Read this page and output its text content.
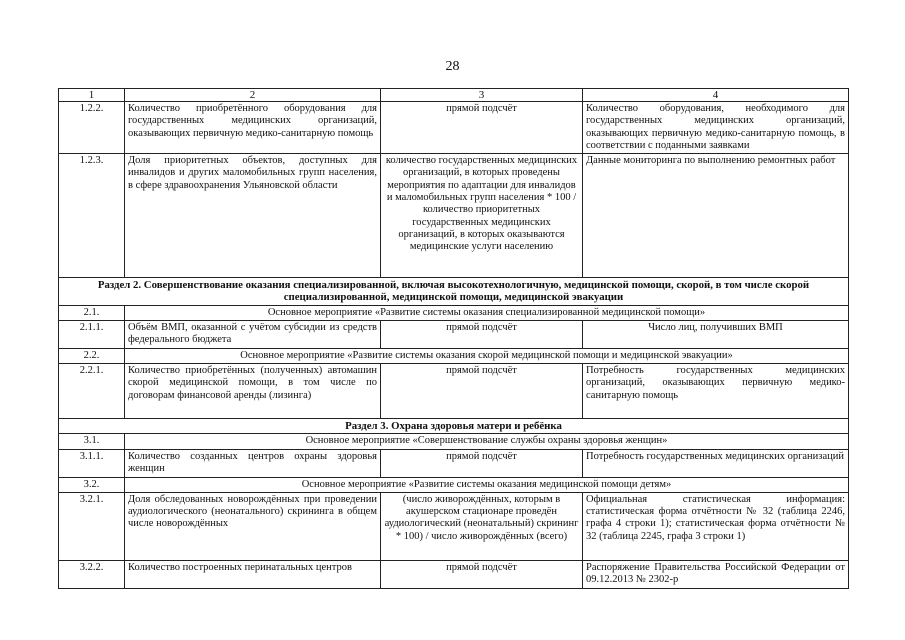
28
1	2	3	4
1.2.2.	Количество приобретённого оборудования для государственных медицинских организаций, оказывающих первичную медико-санитарную помощь	прямой подсчёт	Количество оборудования, необходимого для государственных медицинских организаций, оказывающих первичную медико-санитарную помощь, в соответствии с поданными заявками
1.2.3.	Доля приоритетных объектов, доступных для инвалидов и других маломобильных групп населения, в сфере здравоохранения Ульяновской области	количество государственных медицинских организаций, в которых проведены мероприятия по адаптации для инвалидов и маломобильных групп населения * 100 / количество приоритетных государственных медицинских организаций, в которых оказываются медицинские услуги населению	Данные мониторинга по выполнению ремонтных работ
Раздел 2. Совершенствование оказания специализированной, включая высокотехнологичную, медицинской помощи, скорой, в том числе скорой специализированной, медицинской помощи, медицинской эвакуации			
2.1.	Основное мероприятие «Развитие системы оказания специализированной медицинской помощи»		
2.1.1.	Объём ВМП, оказанной с учётом субсидии из средств федерального бюджета	прямой подсчёт	Число лиц, получивших ВМП
2.2.	Основное мероприятие «Развитие системы оказания скорой медицинской помощи и медицинской эвакуации»		
2.2.1.	Количество приобретённых (полученных) автомашин скорой медицинской помощи, в том числе по договорам финансовой аренды (лизинга)	прямой подсчёт	Потребность государственных медицинских организаций, оказывающих первичную медико-санитарную помощь
Раздел 3. Охрана здоровья матери и ребёнка			
3.1.	Основное мероприятие «Совершенствование службы охраны здоровья женщин»		
3.1.1.	Количество созданных центров охраны здоровья женщин	прямой подсчёт	Потребность государственных медицинских организаций
3.2.	Основное мероприятие «Развитие системы оказания медицинской помощи детям»		
3.2.1.	Доля обследованных новорождённых при проведении аудиологического (неонатального) скрининга в общем числе новорождённых	(число живорождённых, которым в акушерском стационаре проведён аудиологический (неонатальный) скрининг * 100) / число живорождённых (всего)	Официальная статистическая информация: статистическая форма отчётности № 32 (таблица 2246, графа 4 строки 1); статистическая форма отчётности № 32 (таблица 2245, графа 3 строки 1)
3.2.2.	Количество построенных перинатальных центров	прямой подсчёт	Распоряжение Правительства Российской Федерации от 09.12.2013 № 2302-р
